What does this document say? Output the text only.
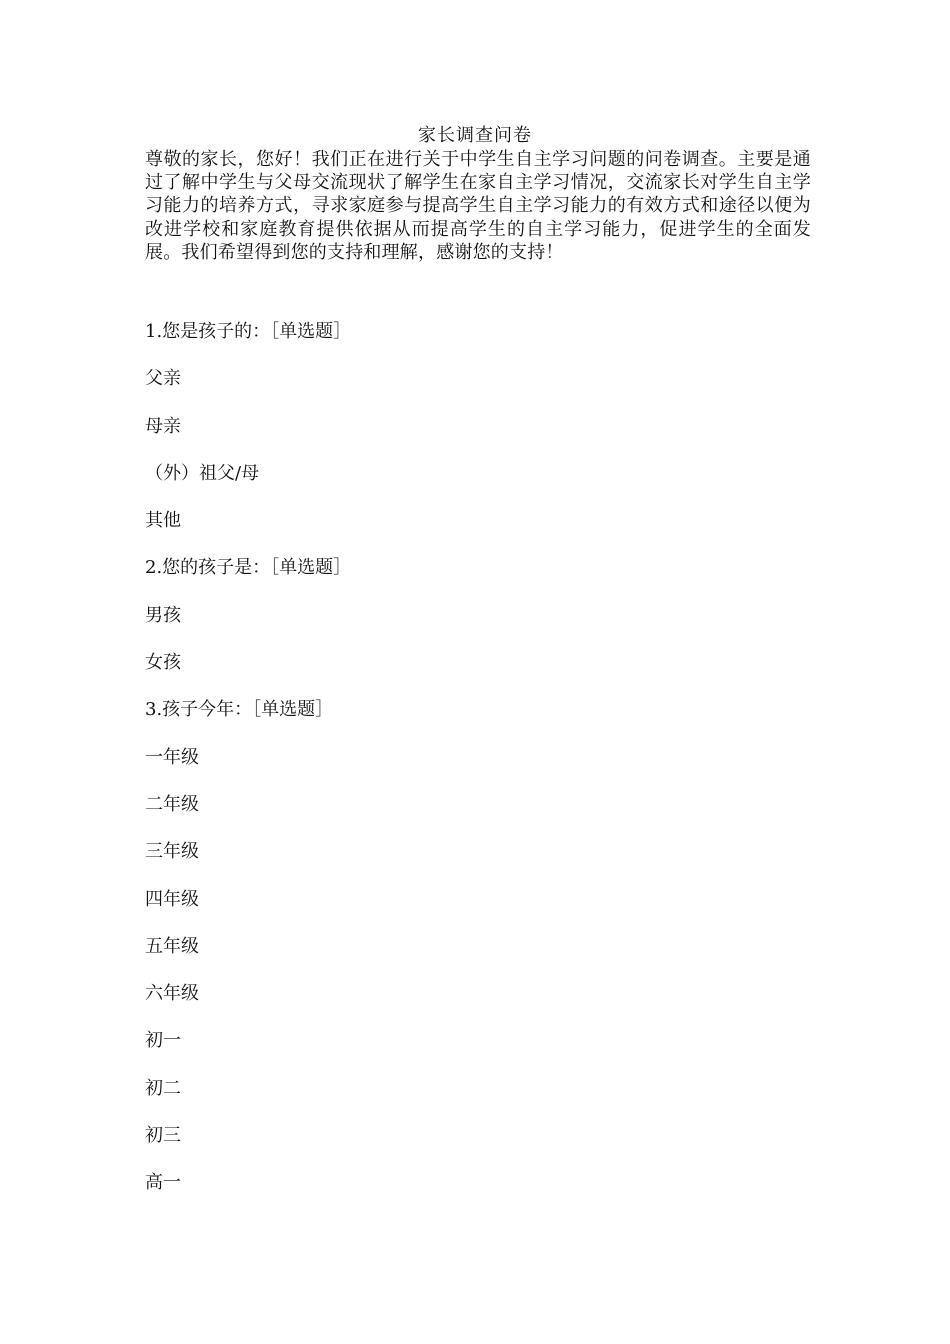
家长调查问卷

尊敬的家长，您好！我们正在进行关于中学生自主学习问题的问卷调查。主要是通过了解中学生与父母交流现状了解学生在家自主学习情况，交流家长对学生自主学习能力的培养方式，寻求家庭参与提高学生自主学习能力的有效方式和途径以便为改进学校和家庭教育提供依据从而提高学生的自主学习能力，促进学生的全面发展。我们希望得到您的支持和理解，感谢您的支持！

1.您是孩子的：［单选题］
父亲
母亲
（外）祖父/母
其他
2.您的孩子是：［单选题］
男孩
女孩
3.孩子今年：［单选题］
一年级
二年级
三年级
四年级
五年级
六年级
初一
初二
初三
高一
